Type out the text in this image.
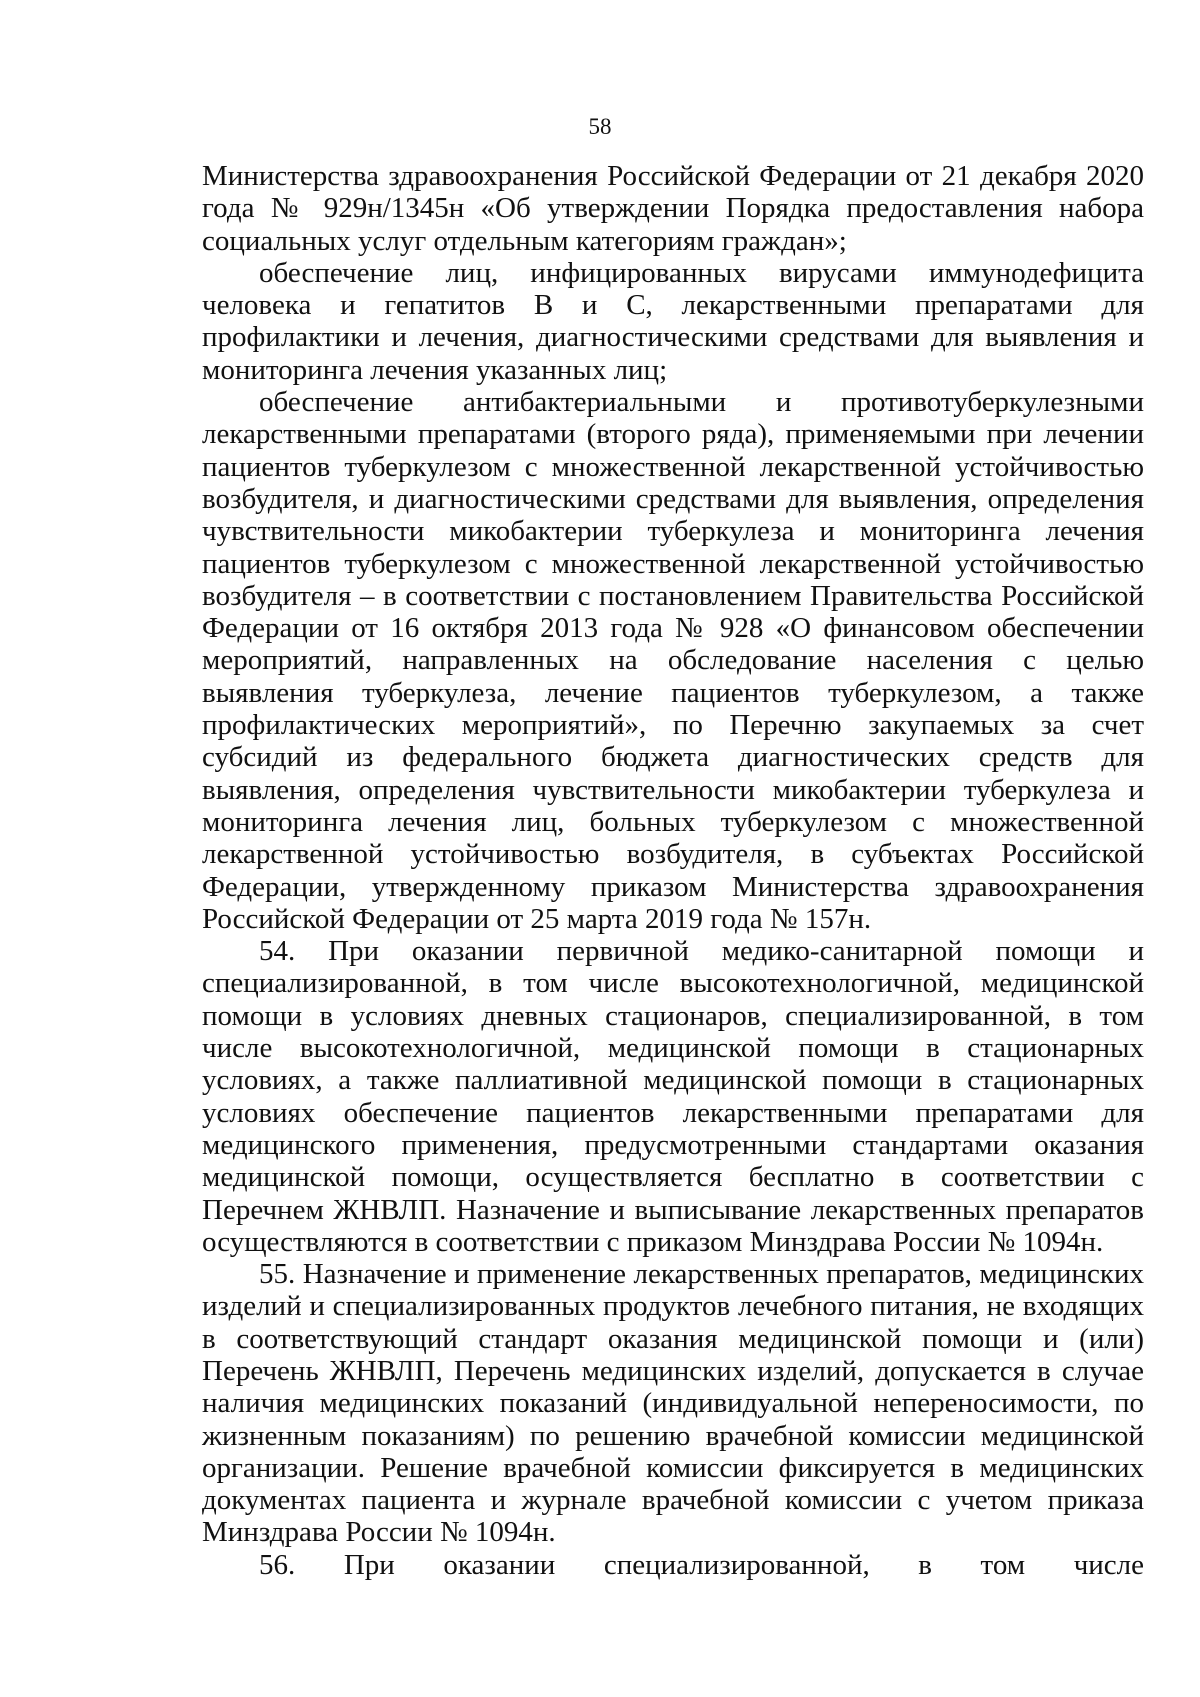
58

Министерства здравоохранения Российской Федерации от 21 декабря 2020 года № 929н/1345н «Об утверждении Порядка предоставления набора социальных услуг отдельным категориям граждан»;

обеспечение лиц, инфицированных вирусами иммунодефицита человека и гепатитов B и C, лекарственными препаратами для профилактики и лечения, диагностическими средствами для выявления и мониторинга лечения указанных лиц;

обеспечение антибактериальными и противотуберкулезными лекарственными препаратами (второго ряда), применяемыми при лечении пациентов туберкулезом с множественной лекарственной устойчивостью возбудителя, и диагностическими средствами для выявления, определения чувствительности микобактерии туберкулеза и мониторинга лечения пациентов туберкулезом с множественной лекарственной устойчивостью возбудителя – в соответствии с постановлением Правительства Российской Федерации от 16 октября 2013 года № 928 «О финансовом обеспечении мероприятий, направленных на обследование населения с целью выявления туберкулеза, лечение пациентов туберкулезом, а также профилактических мероприятий», по Перечню закупаемых за счет субсидий из федерального бюджета диагностических средств для выявления, определения чувствительности микобактерии туберкулеза и мониторинга лечения лиц, больных туберкулезом с множественной лекарственной устойчивостью возбудителя, в субъектах Российской Федерации, утвержденному приказом Министерства здравоохранения Российской Федерации от 25 марта 2019 года № 157н.

54. При оказании первичной медико-санитарной помощи и специализированной, в том числе высокотехнологичной, медицинской помощи в условиях дневных стационаров, специализированной, в том числе высокотехнологичной, медицинской помощи в стационарных условиях, а также паллиативной медицинской помощи в стационарных условиях обеспечение пациентов лекарственными препаратами для медицинского применения, предусмотренными стандартами оказания медицинской помощи, осуществляется бесплатно в соответствии с Перечнем ЖНВЛП. Назначение и выписывание лекарственных препаратов осуществляются в соответствии с приказом Минздрава России № 1094н.

55. Назначение и применение лекарственных препаратов, медицинских изделий и специализированных продуктов лечебного питания, не входящих в соответствующий стандарт оказания медицинской помощи и (или) Перечень ЖНВЛП, Перечень медицинских изделий, допускается в случае наличия медицинских показаний (индивидуальной непереносимости, по жизненным показаниям) по решению врачебной комиссии медицинской организации. Решение врачебной комиссии фиксируется в медицинских документах пациента и журнале врачебной комиссии с учетом приказа Минздрава России № 1094н.

56. При оказании специализированной, в том числе
